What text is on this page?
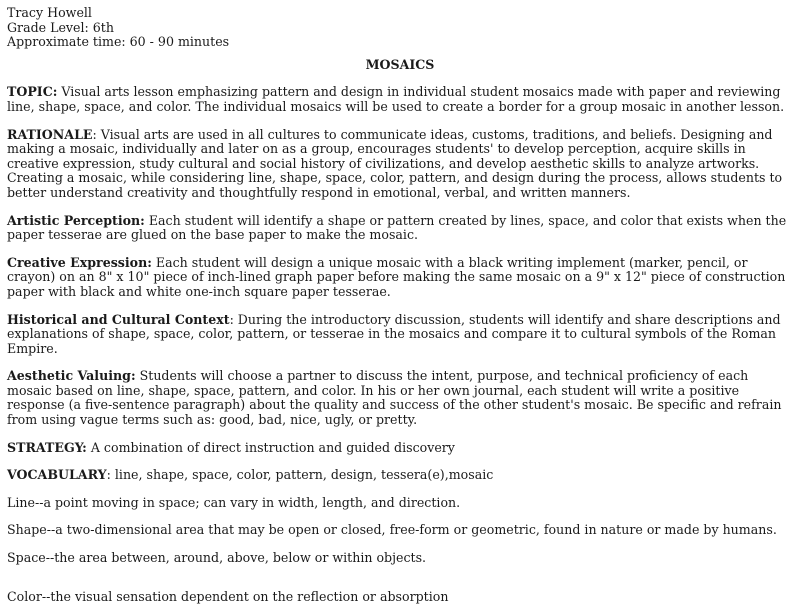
Tracy Howell

Grade Level: 6th

Approximate time: 60 - 90 minutes

MOSAICS

TOPIC: Visual arts lesson emphasizing pattern and design in individual student mosaics made with paper and reviewing line, shape, space, and color. The individual mosaics will be used to create a border for a group mosaic in another lesson.

RATIONALE: Visual arts are used in all cultures to communicate ideas, customs, traditions, and beliefs. Designing and making a mosaic, individually and later on as a group, encourages students' to develop perception, acquire skills in creative expression, study cultural and social history of civilizations, and develop aesthetic skills to analyze artworks. Creating a mosaic, while considering line, shape, space, color, pattern, and design during the process, allows students to better understand creativity and thoughtfully respond in emotional, verbal, and written manners.

Artistic Perception: Each student will identify a shape or pattern created by lines, space, and color that exists when the paper tesserae are glued on the base paper to make the mosaic.

Creative Expression: Each student will design a unique mosaic with a black writing implement (marker, pencil, or crayon) on an 8" x 10" piece of inch-lined graph paper before making the same mosaic on a 9" x 12" piece of construction paper with black and white one-inch square paper tesserae.

Historical and Cultural Context: During the introductory discussion, students will identify and share descriptions and explanations of shape, space, color, pattern, or tesserae in the mosaics and compare it to cultural symbols of the Roman Empire.

Aesthetic Valuing: Students will choose a partner to discuss the intent, purpose, and technical proficiency of each mosaic based on line, shape, space, pattern, and color. In his or her own journal, each student will write a positive response (a five-sentence paragraph) about the quality and success of the other student's mosaic. Be specific and refrain from using vague terms such as: good, bad, nice, ugly, or pretty.

STRATEGY: A combination of direct instruction and guided discovery

VOCABULARY: line, shape, space, color, pattern, design, tessera(e),mosaic

Line--a point moving in space; can vary in width, length, and direction.

Shape--a two-dimensional area that may be open or closed, free-form or geometric, found in nature or made by humans.

Space--the area between, around, above, below or within objects.

Color--the visual sensation dependent on the reflection or absorption
